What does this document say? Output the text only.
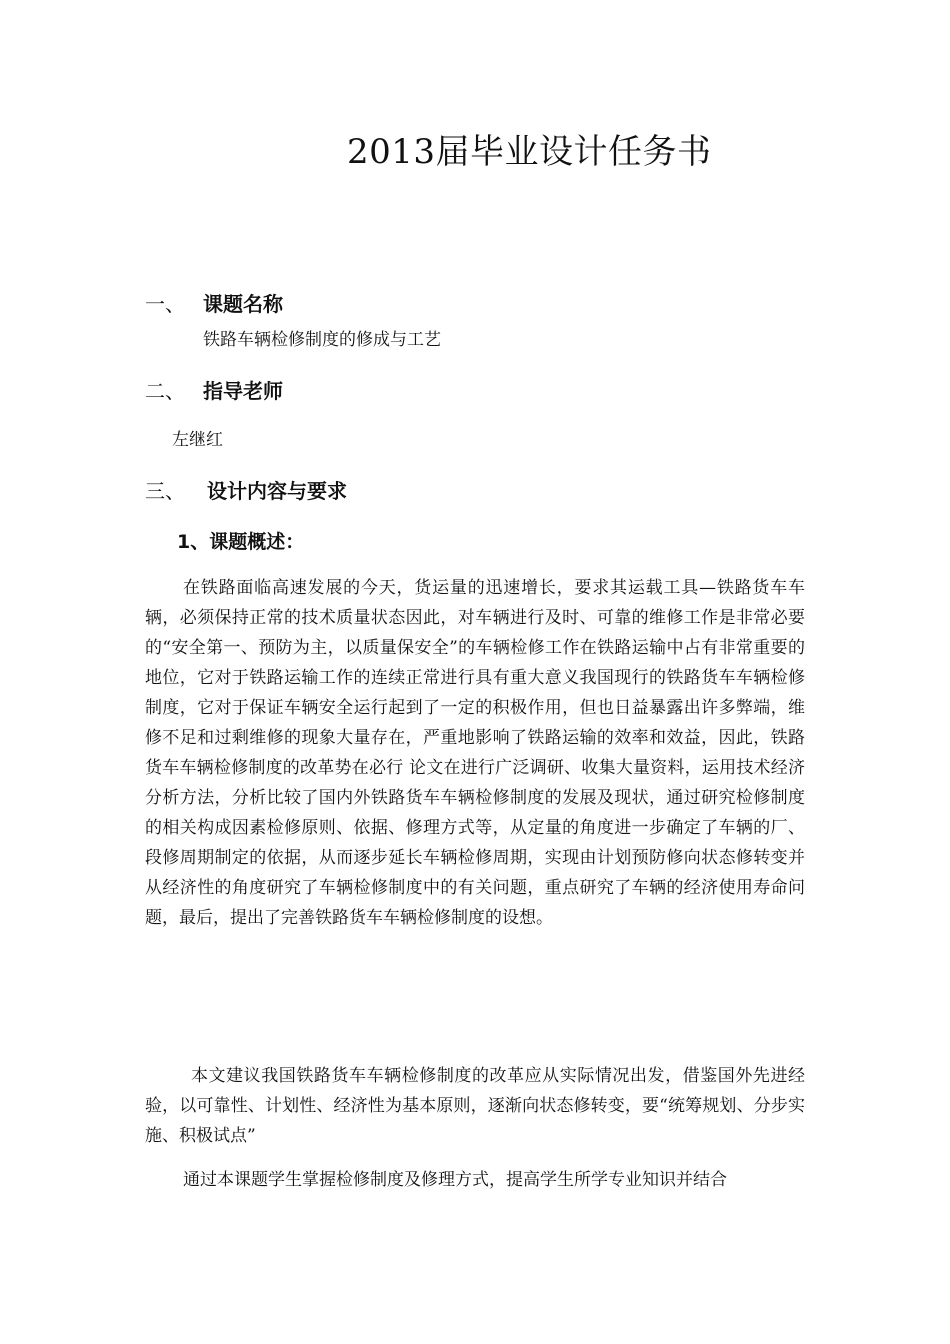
2013届毕业设计任务书
一、 课题名称
铁路车辆检修制度的修成与工艺
二、 指导老师
左继红
三、 设计内容与要求
1、课题概述：

在铁路面临高速发展的今天，货运量的迅速增长，要求其运载工具—铁路货车车辆，必须保持正常的技术质量状态因此，对车辆进行及时、可靠的维修工作是非常必要的“安全第一、预防为主，以质量保安全”的车辆检修工作在铁路运输中占有非常重要的地位，它对于铁路运输工作的连续正常进行具有重大意义我国现行的铁路货车车辆检修制度，它对于保证车辆安全运行起到了一定的积极作用，但也日益暴露出许多弊端，维修不足和过剩维修的现象大量存在，严重地影响了铁路运输的效率和效益，因此，铁路货车车辆检修制度的改革势在必行 论文在进行广泛调研、收集大量资料，运用技术经济分析方法，分析比较了国内外铁路货车车辆检修制度的发展及现状，通过研究检修制度的相关构成因素检修原则、依据、修理方式等，从定量的角度进一步确定了车辆的厂、段修周期制定的依据，从而逐步延长车辆检修周期，实现由计划预防修向状态修转变并从经济性的角度研究了车辆检修制度中的有关问题，重点研究了车辆的经济使用寿命问题，最后，提出了完善铁路货车车辆检修制度的设想。

本文建议我国铁路货车车辆检修制度的改革应从实际情况出发，借鉴国外先进经验，以可靠性、计划性、经济性为基本原则，逐渐向状态修转变，要“统筹规划、分步实施、积极试点”

通过本课题学生掌握检修制度及修理方式，提高学生所学专业知识并结合
